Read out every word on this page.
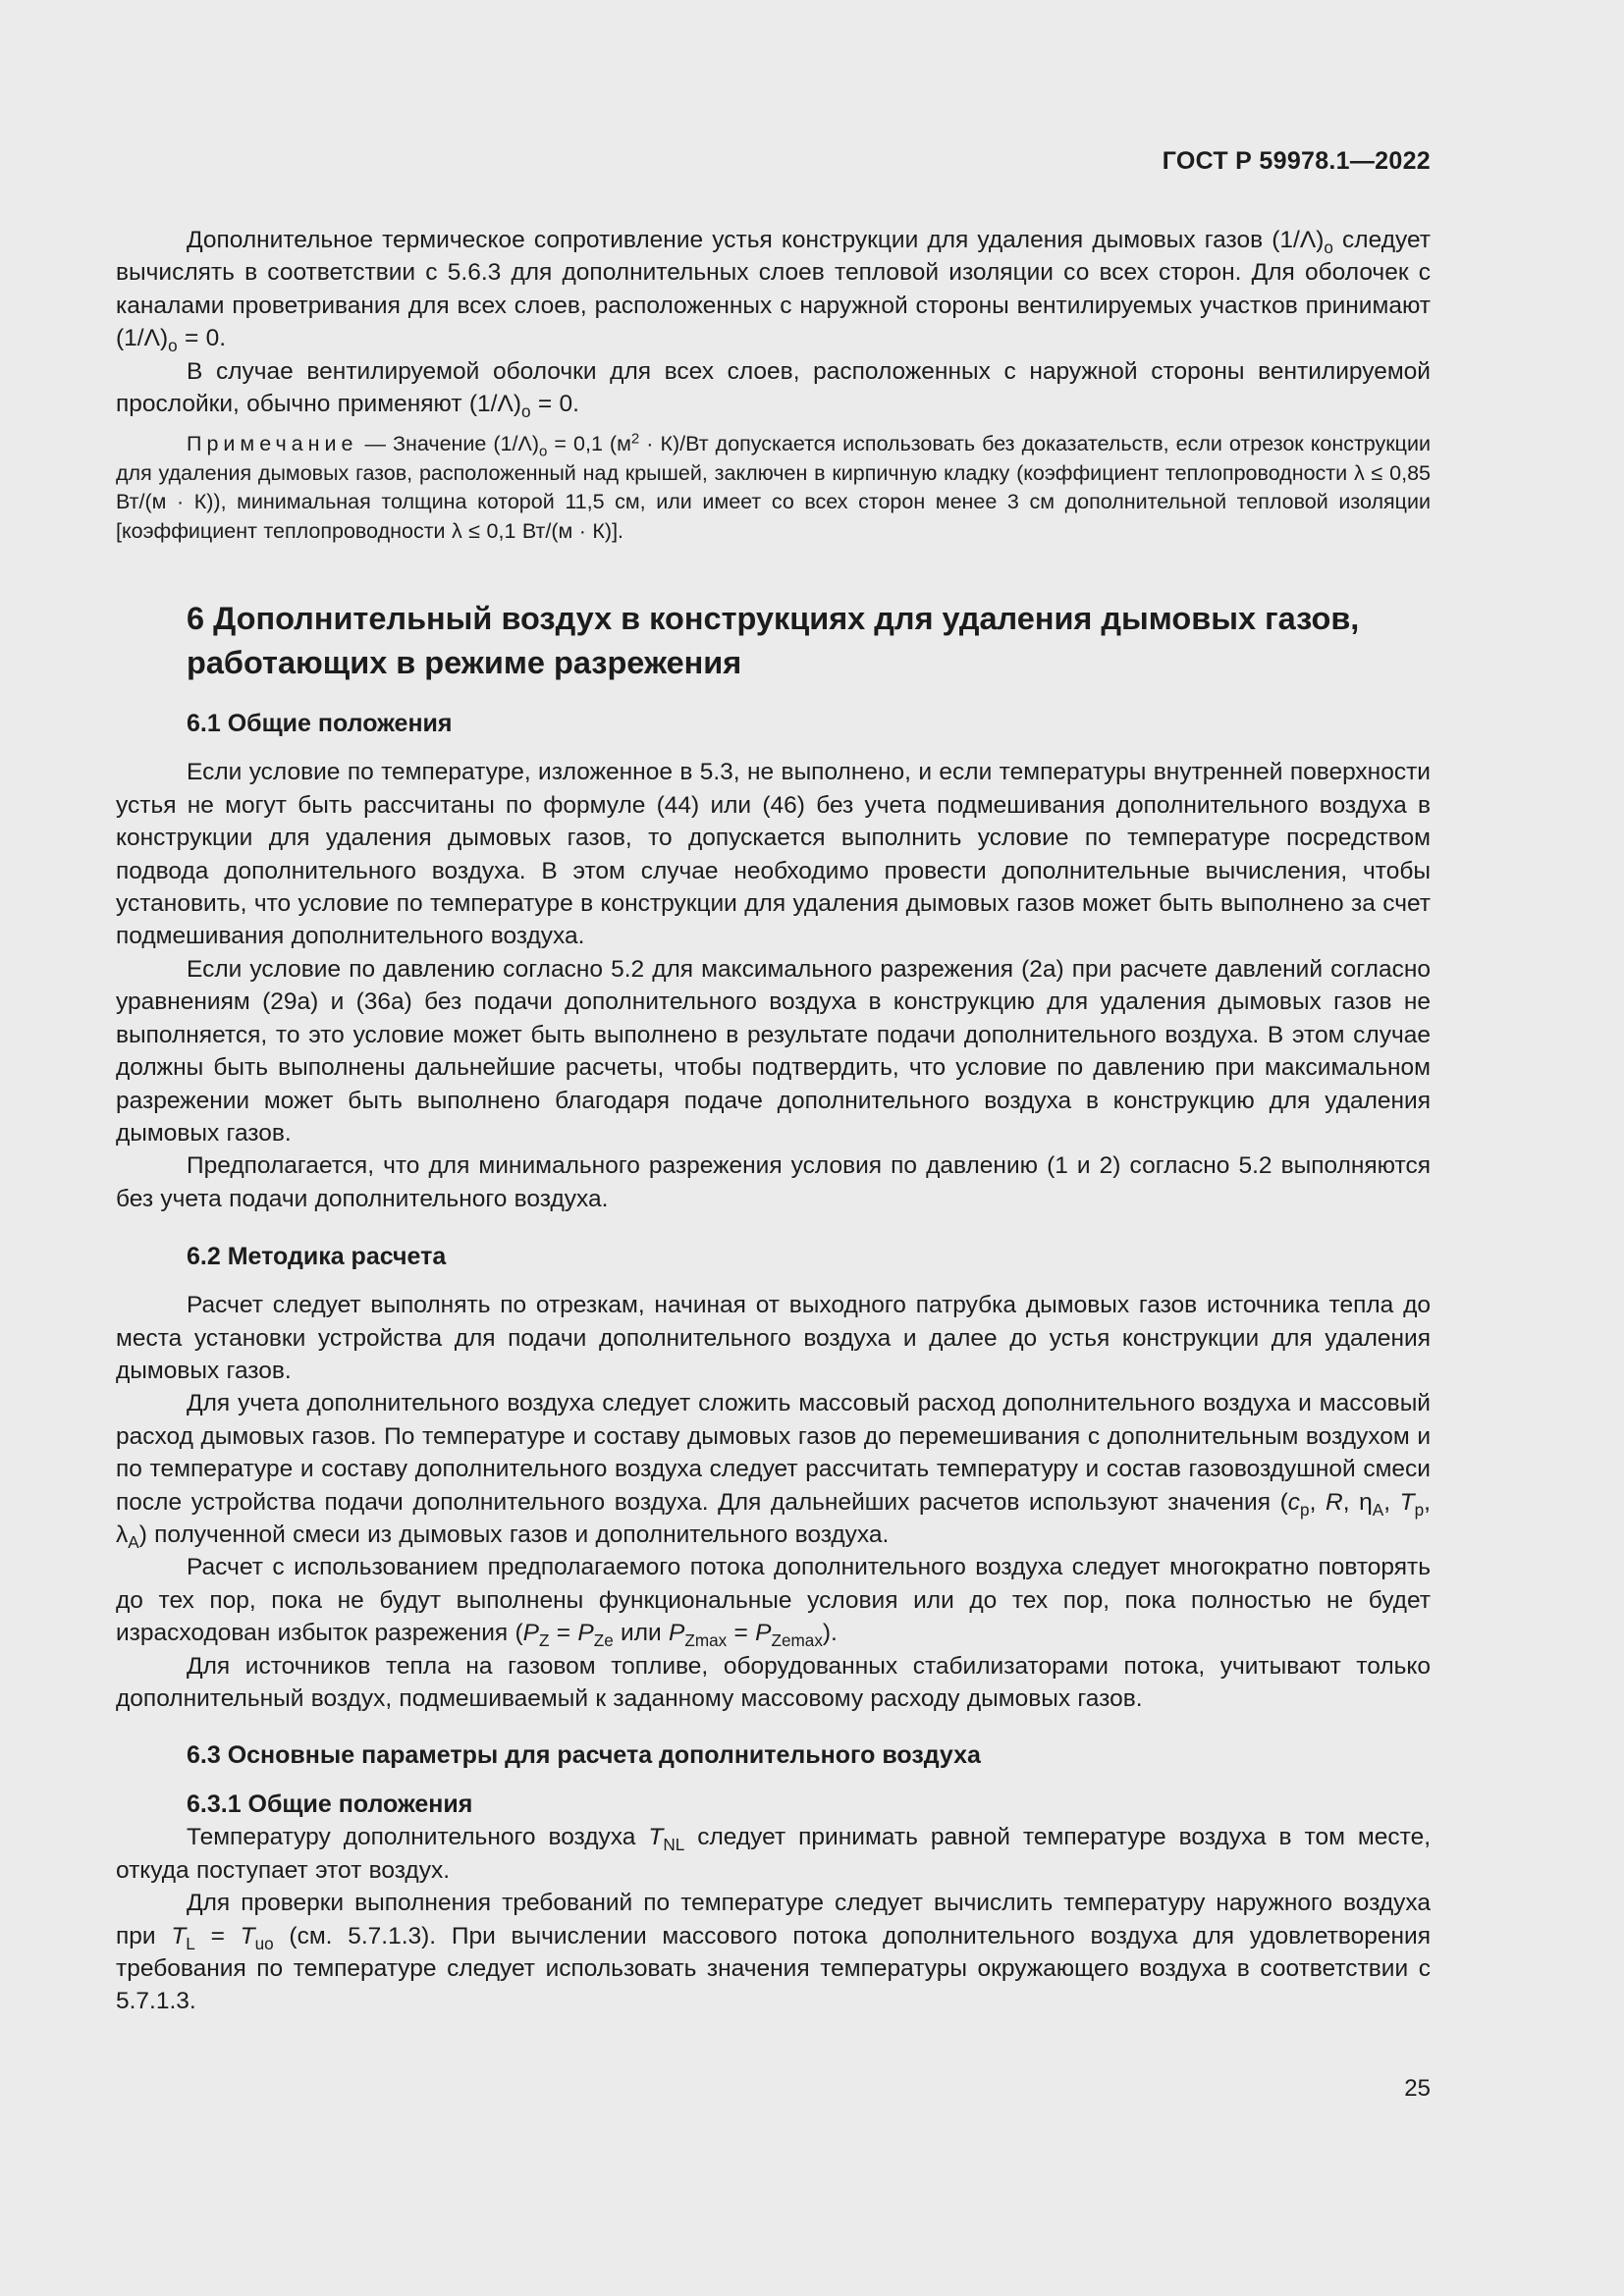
ГОСТ Р 59978.1—2022

Дополнительное термическое сопротивление устья конструкции для удаления дымовых газов $(1/\Lambda)_o$ следует вычислять в соответствии с 5.6.3 для дополнительных слоев тепловой изоляции со всех сторон. Для оболочек с каналами проветривания для всех слоев, расположенных с наружной стороны вентилируемых участков принимают $(1/\Lambda)_o = 0$.

В случае вентилируемой оболочки для всех слоев, расположенных с наружной стороны вентилируемой прослойки, обычно применяют $(1/\Lambda)_o = 0$.

Примечание — Значение $(1/\Lambda)_o = 0,1$ $(м^2 \cdot К)/Вт$ допускается использовать без доказательств, если отрезок конструкции для удаления дымовых газов, расположенный над крышей, заключен в кирпичную кладку (коэффициент теплопроводности λ ≤ 0,85 Вт/(м · К)), минимальная толщина которой 11,5 см, или имеет со всех сторон менее 3 см дополнительной тепловой изоляции [коэффициент теплопроводности λ ≤ 0,1 Вт/(м · К)].

6 Дополнительный воздух в конструкциях для удаления дымовых газов,
работающих в режиме разрежения
6.1 Общие положения

Если условие по температуре, изложенное в 5.3, не выполнено, и если температуры внутренней поверхности устья не могут быть рассчитаны по формуле (44) или (46) без учета подмешивания дополнительного воздуха в конструкции для удаления дымовых газов, то допускается выполнить условие по температуре посредством подвода дополнительного воздуха. В этом случае необходимо провести дополнительные вычисления, чтобы установить, что условие по температуре в конструкции для удаления дымовых газов может быть выполнено за счет подмешивания дополнительного воздуха.

Если условие по давлению согласно 5.2 для максимального разрежения (2а) при расчете давлений согласно уравнениям (29а) и (36а) без подачи дополнительного воздуха в конструкцию для удаления дымовых газов не выполняется, то это условие может быть выполнено в результате подачи дополнительного воздуха. В этом случае должны быть выполнены дальнейшие расчеты, чтобы подтвердить, что условие по давлению при максимальном разрежении может быть выполнено благодаря подаче дополнительного воздуха в конструкцию для удаления дымовых газов.

Предполагается, что для минимального разрежения условия по давлению (1 и 2) согласно 5.2 выполняются без учета подачи дополнительного воздуха.

6.2 Методика расчета

Расчет следует выполнять по отрезкам, начиная от выходного патрубка дымовых газов источника тепла до места установки устройства для подачи дополнительного воздуха и далее до устья конструкции для удаления дымовых газов.

Для учета дополнительного воздуха следует сложить массовый расход дополнительного воздуха и массовый расход дымовых газов. По температуре и составу дымовых газов до перемешивания с дополнительным воздухом и по температуре и составу дополнительного воздуха следует рассчитать температуру и состав газовоздушной смеси после устройства подачи дополнительного воздуха. Для дальнейших расчетов используют значения ($c_p$, R, $\eta_A$, $T_p$, $\lambda_A$) полученной смеси из дымовых газов и дополнительного воздуха.

Расчет с использованием предполагаемого потока дополнительного воздуха следует многократно повторять до тех пор, пока не будут выполнены функциональные условия или до тех пор, пока полностью не будет израсходован избыток разрежения ($P_Z = P_{Ze}$ или $P_{Zmax} = P_{Zemax}$).

Для источников тепла на газовом топливе, оборудованных стабилизаторами потока, учитывают только дополнительный воздух, подмешиваемый к заданному массовому расходу дымовых газов.

6.3 Основные параметры для расчета дополнительного воздуха
6.3.1 Общие положения

Температуру дополнительного воздуха $T_{NL}$ следует принимать равной температуре воздуха в том месте, откуда поступает этот воздух.

Для проверки выполнения требований по температуре следует вычислить температуру наружного воздуха при $T_L = T_{uo}$ (см. 5.7.1.3). При вычислении массового потока дополнительного воздуха для удовлетворения требования по температуре следует использовать значения температуры окружающего воздуха в соответствии с 5.7.1.3.

25
